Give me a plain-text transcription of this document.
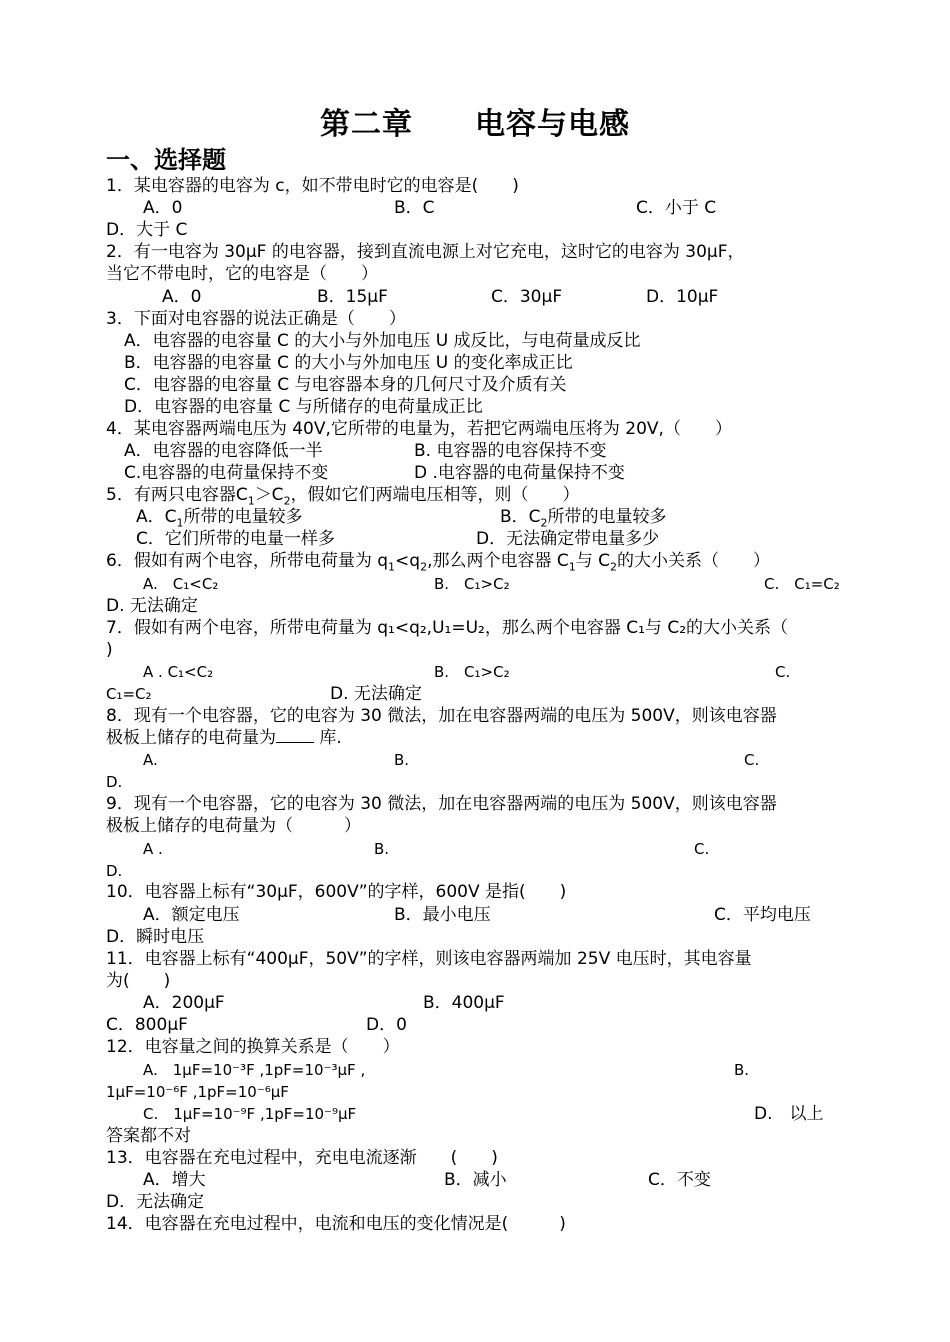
第二章 电容与电感
一、选择题
1．某电容器的电容为 c，如不带电时它的电容是(　　)
A．0	B．C	C．小于 C
D．大于 C
2．有一电容为 30μF 的电容器，接到直流电源上对它充电，这时它的电容为 30μF，
当它不带电时，它的电容是（　　）
A．0	B．15μF	C．30μF	D．10μF
3．下面对电容器的说法正确是（　　）
A．电容器的电容量 C 的大小与外加电压 U 成反比，与电荷量成反比
B．电容器的电容量 C 的大小与外加电压 U 的变化率成正比
C．电容器的电容量 C 与电容器本身的几何尺寸及介质有关
D．电容器的电容量 C 与所储存的电荷量成正比
4．某电容器两端电压为 40V,它所带的电量为，若把它两端电压将为 20V,（　　）
A．电容器的电容降低一半	B. 电容器的电容保持不变
C.电容器的电荷量保持不变	D .电容器的电荷量保持不变
5．有两只电容器$C_1>C_2$，假如它们两端电压相等，则（　　）
A．$C_1$所带的电量较多	B．$C_2$所带的电量较多
C．它们所带的电量一样多	D．无法确定带电量多少
6．假如有两个电容，所带电荷量为 $q_1<q_2$,那么两个电容器 $C_1$与 $C_2$的大小关系（　　）
A.　C₁<C₂	B.　C₁>C₂	C.　C₁=C₂
D. 无法确定
7．假如有两个电容，所带电荷量为 q₁<q₂,U₁=U₂，那么两个电容器 C₁与 C₂的大小关系（
)
A . C₁<C₂	B.　C₁>C₂	C.
C₁=C₂	D. 无法确定
8．现有一个电容器，它的电容为 30 微法，加在电容器两端的电压为 500V，则该电容器
极板上储存的电荷量为 库.
A.	B.	C.
D.
9．现有一个电容器，它的电容为 30 微法，加在电容器两端的电压为 500V，则该电容器
极板上储存的电荷量为（　　　）
A .	B.	C.
D.
10．电容器上标有“30μF，600V”的字样，600V 是指(　　)
A．额定电压	B．最小电压	C．平均电压
D．瞬时电压
11．电容器上标有“400μF，50V”的字样，则该电容器两端加 25V 电压时，其电容量
为(　　)
A．200μF	B．400μF
C．800μF	D．0
12．电容量之间的换算关系是（　　）
A.　1μF=10⁻³F ,1pF=10⁻³μF ,	B.
1μF=10⁻⁶F ,1pF=10⁻⁶μF
C.　1μF=10⁻⁹F ,1pF=10⁻⁹μF	D.　以上
答案都不对
13．电容器在充电过程中，充电电流逐渐　　(　　)
A．增大	B．减小	C．不变
D．无法确定
14．电容器在充电过程中，电流和电压的变化情况是(　　　)
